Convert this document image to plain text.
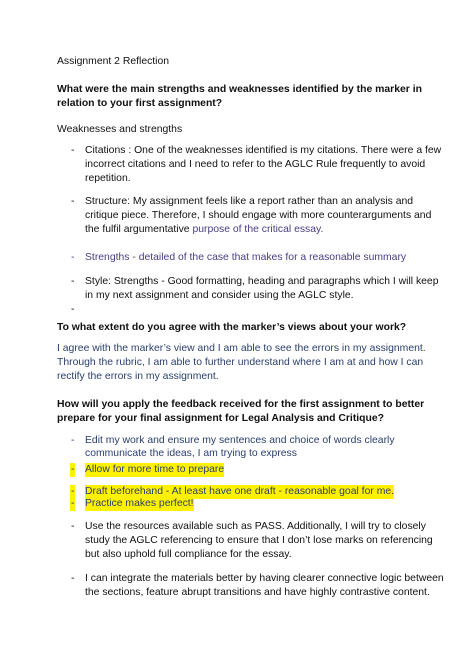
Assignment 2 Reflection
What were the main strengths and weaknesses identified by the marker in
relation to your first assignment?
Weaknesses and strengths
- Citations : One of the weaknesses identified is my citations. There were a few
incorrect citations and I need to refer to the AGLC Rule frequently to avoid
repetition.
- Structure: My assignment feels like a report rather than an analysis and
critique piece. Therefore, I should engage with more counterarguments and
the fulfil argumentative purpose of the critical essay.
- Strengths - detailed of the case that makes for a reasonable summary
- Style: Strengths - Good formatting, heading and paragraphs which I will keep
in my next assignment and consider using the AGLC style.
-
To what extent do you agree with the marker’s views about your work?
I agree with the marker’s view and I am able to see the errors in my assignment.
Through the rubric, I am able to further understand where I am at and how I can
rectify the errors in my assignment.
How will you apply the feedback received for the first assignment to better
prepare for your final assignment for Legal Analysis and Critique?
- Edit my work and ensure my sentences and choice of words clearly
communicate the ideas, I am trying to express
- Allow for more time to prepare
- Draft beforehand - At least have one draft - reasonable goal for me.
- Practice makes perfect!
- Use the resources available such as PASS. Additionally, I will try to closely
study the AGLC referencing to ensure that I don’t lose marks on referencing
but also uphold full compliance for the essay.
- I can integrate the materials better by having clearer connective logic between
the sections, feature abrupt transitions and have highly contrastive content.
